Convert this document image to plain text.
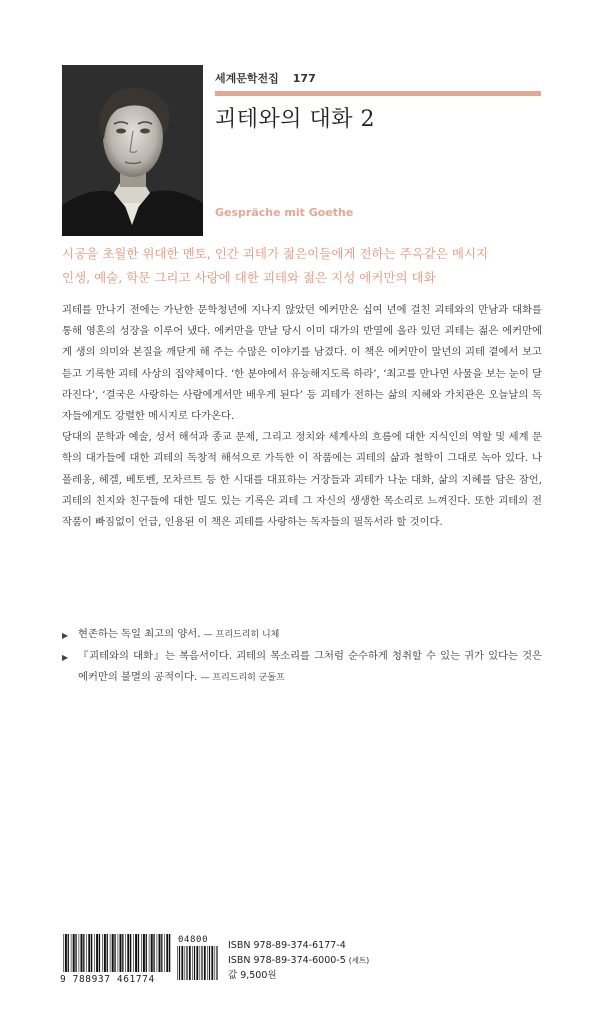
세계문학전집 177
괴테와의 대화 2
Gespräche mit Goethe
시공을 초월한 위대한 멘토, 인간 괴테가 젊은이들에게 전하는 주옥같은 메시지
인생, 예술, 학문 그리고 사랑에 대한 괴테와 젊은 지성 에커만의 대화

괴테를 만나기 전에는 가난한 문학청년에 지나지 않았던 에커만은 십여 년에 걸친 괴테와의 만남과 대화를 통해 영혼의 성장을 이루어 냈다. 에커만을 만날 당시 이미 대가의 반열에 올라 있던 괴테는 젊은 에커만에게 생의 의미와 본질을 깨닫게 해 주는 수많은 이야기를 남겼다. 이 책은 에커만이 말년의 괴테 곁에서 보고 듣고 기록한 괴테 사상의 집약체이다. ‘한 분야에서 유능해지도록 하라’, ‘최고를 만나면 사물을 보는 눈이 달라진다’, ‘결국은 사랑하는 사람에게서만 배우게 된다’ 등 괴테가 전하는 삶의 지혜와 가치관은 오늘날의 독자들에게도 강렬한 메시지로 다가온다.

당대의 문학과 예술, 성서 해석과 종교 문제, 그리고 정치와 세계사의 흐름에 대한 지식인의 역할 및 세계 문학의 대가들에 대한 괴테의 독창적 해석으로 가득한 이 작품에는 괴테의 삶과 철학이 그대로 녹아 있다. 나폴레옹, 헤겔, 베토벤, 모차르트 등 한 시대를 대표하는 거장들과 괴테가 나눈 대화, 삶의 지혜를 담은 잠언, 괴테의 친지와 친구들에 대한 밀도 있는 기록은 괴테 그 자신의 생생한 목소리로 느껴진다. 또한 괴테의 전 작품이 빠짐없이 언급, 인용된 이 책은 괴테를 사랑하는 독자들의 필독서라 할 것이다.

▶ 현존하는 독일 최고의 양서. — 프리드리히 니체
▶ 『괴테와의 대화』는 복음서이다. 괴테의 목소리를 그처럼 순수하게 청취할 수 있는 귀가 있다는 것은 에커만의 불멸의 공적이다. — 프리드리히 군돌프
9 788937 461774
04800 ISBN 978-89-374-6177-4
ISBN 978-89-374-6000-5 (세트)
값 9,500원
